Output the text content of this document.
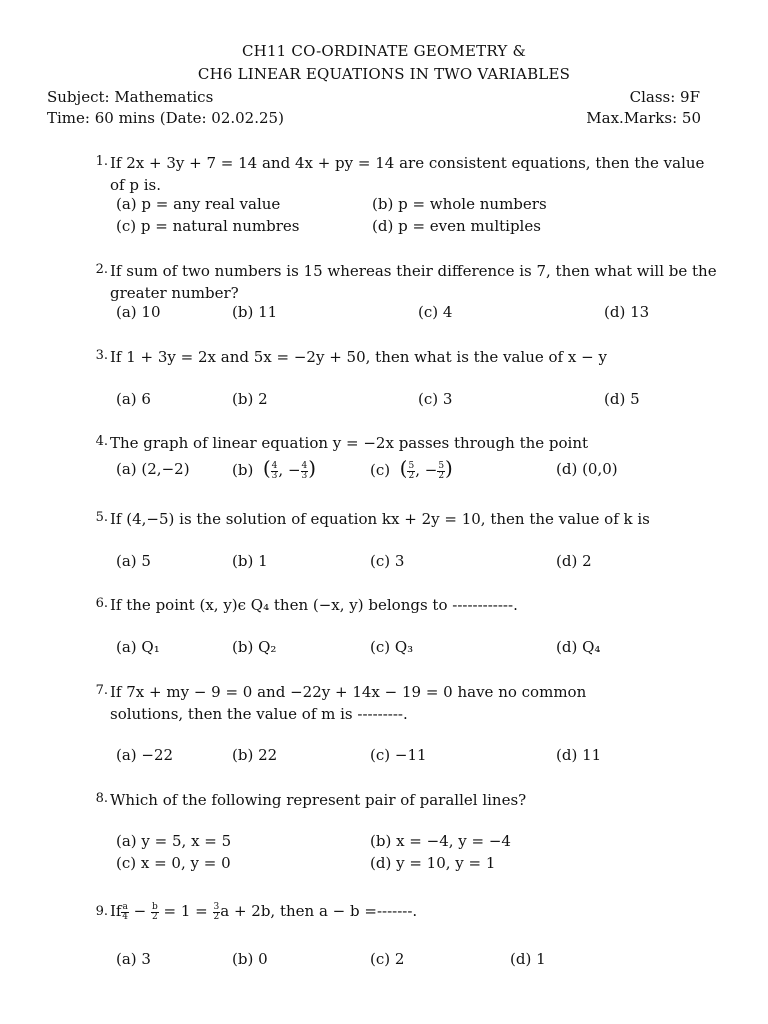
CH11 CO-ORDINATE GEOMETRY &
CH6 LINEAR EQUATIONS IN TWO VARIABLES
Subject: Mathematics	Class: 9F
Time: 60 mins (Date: 02.02.25)	Max.Marks: 50
1. If 2x + 3y + 7 = 14 and 4x + py = 14 are consistent equations, then the value of p is.
(a) p = any real value	(b) p = whole numbers
(c) p = natural numbres	(d) p = even multiples
2. If sum of two numbers is 15 whereas their difference is 7, then what will be the greater number?
(a) 10	(b) 11	(c) 4	(d) 13
3. If 1 + 3y = 2x and 5x = −2y + 50, then what is the value of x − y
(a) 6	(b) 2	(c) 3	(d) 5
4. The graph of linear equation y = −2x passes through the point
(a) (2,−2)	(b) ( $\frac{4}{3}$ , − $\frac{4}{3}$ )	(c) ( $\frac{5}{2}$ , − $\frac{5}{2}$ )	(d) (0,0)
5. If (4,−5) is the solution of equation kx + 2y = 10, then the value of k is
(a) 5	(b) 1	(c) 3	(d) 2
6. If the point (x, y)ϵ Q₄ then (−x, y) belongs to ------------.
(a) Q₁	(b) Q₂	(c) Q₃	(d) Q₄
7. If 7x + my − 9 = 0 and −22y + 14x − 19 = 0 have no common solutions, then the value of m is ---------.
(a) −22	(b) 22	(c) −11	(d) 11
8. Which of the following represent pair of parallel lines?
(a) y = 5, x = 5	(b) x = −4, y = −4
(c) x = 0, y = 0	(d) y = 10, y = 1
9. If $\frac{a}{4} - \frac{b}{2} = 1 = \frac{3}{2}$ a + 2b, then a − b =-------.
(a) 3	(b) 0	(c) 2	(d) 1
